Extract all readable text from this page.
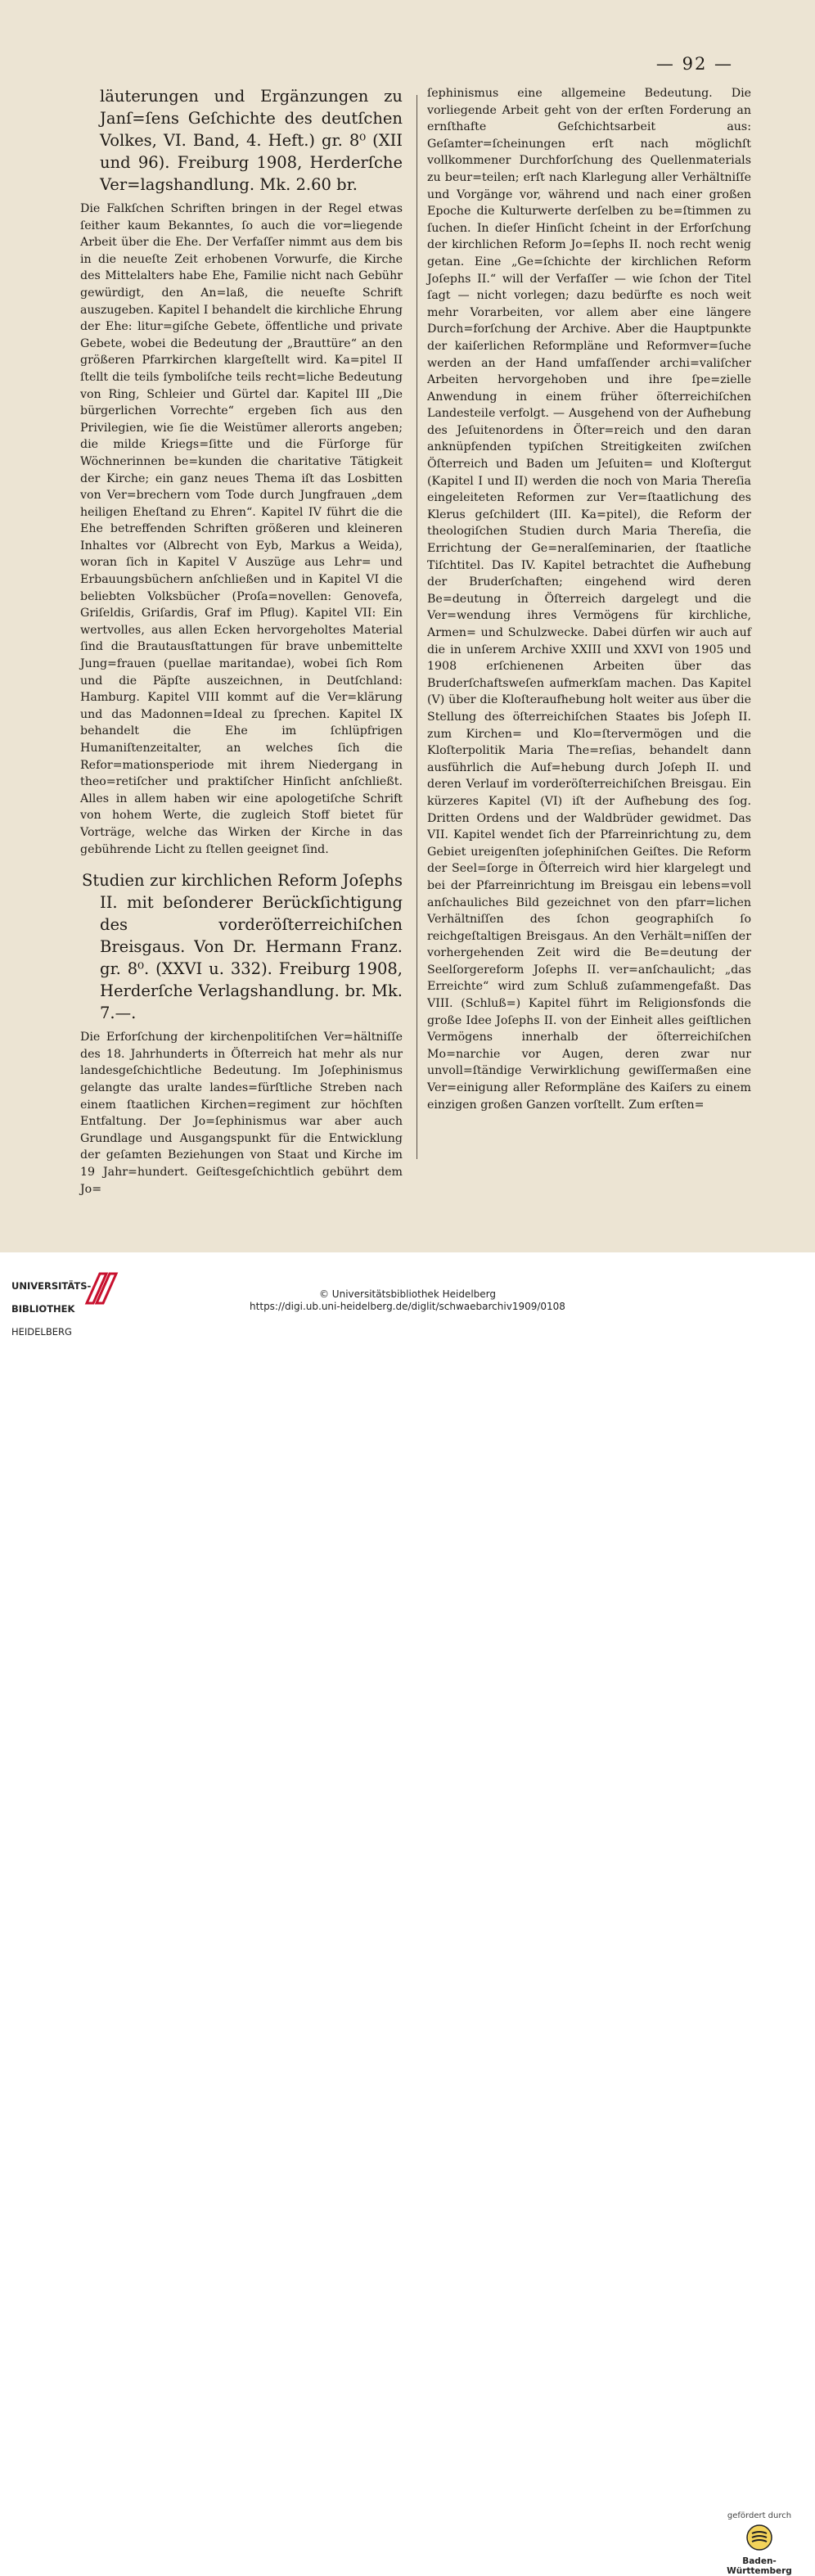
— 92 —
läuterungen und Ergänzungen zu Janſ=ſens Geſchichte des deutſchen Volkes, VI. Band, 4. Heft.) gr. 8⁰ (XII und 96). Freiburg 1908, Herderſche Ver=lagshandlung. Mk. 2.60 br.

Die Falkſchen Schriften bringen in der Regel etwas ſeither kaum Bekanntes, ſo auch die vor=liegende Arbeit über die Ehe. Der Verfaſſer nimmt aus dem bis in die neueſte Zeit erhobenen Vorwurfe, die Kirche des Mittelalters habe Ehe, Familie nicht nach Gebühr gewürdigt, den An=laß, die neueſte Schrift auszugeben. Kapitel I behandelt die kirchliche Ehrung der Ehe: litur=giſche Gebete, öffentliche und private Gebete, wobei die Bedeutung der „Brauttüre“ an den größeren Pfarrkirchen klargeſtellt wird. Ka=pitel II ſtellt die teils ſymboliſche teils recht=liche Bedeutung von Ring, Schleier und Gürtel dar. Kapitel III „Die bürgerlichen Vorrechte“ ergeben ſich aus den Privilegien, wie ſie die Weistümer allerorts angeben; die milde Kriegs=ſitte und die Fürſorge für Wöchnerinnen be=kunden die charitative Tätigkeit der Kirche; ein ganz neues Thema iſt das Losbitten von Ver=brechern vom Tode durch Jungfrauen „dem heiligen Eheſtand zu Ehren“. Kapitel IV führt die die Ehe betreffenden Schriften größeren und kleineren Inhaltes vor (Albrecht von Eyb, Markus a Weida), woran ſich in Kapitel V Auszüge aus Lehr= und Erbauungsbüchern anſchließen und in Kapitel VI die beliebten Volksbücher (Proſa=novellen: Genovefa, Griſeldis, Griſardis, Graf im Pflug). Kapitel VII: Ein wertvolles, aus allen Ecken hervorgeholtes Material ſind die Brautausſtattungen für brave unbemittelte Jung=frauen (puellae maritandae), wobei ſich Rom und die Päpſte auszeichnen, in Deutſchland: Hamburg. Kapitel VIII kommt auf die Ver=klärung und das Madonnen=Ideal zu ſprechen. Kapitel IX behandelt die Ehe im ſchlüpfrigen Humaniſtenzeitalter, an welches ſich die Refor=mationsperiode mit ihrem Niedergang in theo=retiſcher und praktiſcher Hinſicht anſchließt. Alles in allem haben wir eine apologetiſche Schrift von hohem Werte, die zugleich Stoff bietet für Vorträge, welche das Wirken der Kirche in das gebührende Licht zu ſtellen geeignet ſind.

Studien zur kirchlichen Reform Joſephs II. mit beſonderer Berückſichtigung des vorderöſterreichiſchen Breisgaus. Von Dr. Hermann Franz. gr. 8⁰. (XXVI u. 332). Freiburg 1908, Herderſche Verlagshandlung. br. Mk. 7.—.

Die Erforſchung der kirchenpolitiſchen Ver=hältniſſe des 18. Jahrhunderts in Öſterreich hat mehr als nur landesgeſchichtliche Bedeutung. Im Joſephinismus gelangte das uralte landes=fürſtliche Streben nach einem ſtaatlichen Kirchen=regiment zur höchſten Entfaltung. Der Jo=ſephinismus war aber auch Grundlage und Ausgangspunkt für die Entwicklung der geſamten Beziehungen von Staat und Kirche im 19 Jahr=hundert. Geiſtesgeſchichtlich gebührt dem Jo=

ſephinismus eine allgemeine Bedeutung. Die vorliegende Arbeit geht von der erſten Forderung an ernſthafte Geſchichtsarbeit aus: Geſamter=ſcheinungen erſt nach möglichſt vollkommener Durchforſchung des Quellenmaterials zu beur=teilen; erſt nach Klarlegung aller Verhältniſſe und Vorgänge vor, während und nach einer großen Epoche die Kulturwerte derſelben zu be=ſtimmen zu ſuchen. In dieſer Hinſicht ſcheint in der Erforſchung der kirchlichen Reform Jo=ſephs II. noch recht wenig getan. Eine „Ge=ſchichte der kirchlichen Reform Joſephs II.“ will der Verfaſſer — wie ſchon der Titel ſagt — nicht vorlegen; dazu bedürfte es noch weit mehr Vorarbeiten, vor allem aber eine längere Durch=forſchung der Archive. Aber die Hauptpunkte der kaiſerlichen Reformpläne und Reformver=ſuche werden an der Hand umfaſſender archi=valiſcher Arbeiten hervorgehoben und ihre ſpe=zielle Anwendung in einem früher öſterreichiſchen Landesteile verfolgt. — Ausgehend von der Aufhebung des Jeſuitenordens in Öſter=reich und den daran anknüpfenden typiſchen Streitigkeiten zwiſchen Öſterreich und Baden um Jeſuiten= und Kloſtergut (Kapitel I und II) werden die noch von Maria Thereſia eingeleiteten Reformen zur Ver=ſtaatlichung des Klerus geſchildert (III. Ka=pitel), die Reform der theologiſchen Studien durch Maria Thereſia, die Errichtung der Ge=neralſeminarien, der ſtaatliche Tiſchtitel. Das IV. Kapitel betrachtet die Aufhebung der Bruderſchaften; eingehend wird deren Be=deutung in Öſterreich dargelegt und die Ver=wendung ihres Vermögens für kirchliche, Armen= und Schulzwecke. Dabei dürfen wir auch auf die in unſerem Archive XXIII und XXVI von 1905 und 1908 erſchienenen Arbeiten über das Bruderſchaftsweſen aufmerkſam machen. Das Kapitel (V) über die Kloſteraufhebung holt weiter aus über die Stellung des öſterreichiſchen Staates bis Joſeph II. zum Kirchen= und Klo=ſtervermögen und die Kloſterpolitik Maria The=reſias, behandelt dann ausführlich die Auf=hebung durch Joſeph II. und deren Verlauf im vorderöſterreichiſchen Breisgau. Ein kürzeres Kapitel (VI) iſt der Aufhebung des ſog. Dritten Ordens und der Waldbrüder gewidmet. Das VII. Kapitel wendet ſich der Pfarreinrichtung zu, dem Gebiet ureigenſten joſephiniſchen Geiſtes. Die Reform der Seel=ſorge in Öſterreich wird hier klargelegt und bei der Pfarreinrichtung im Breisgau ein lebens=voll anſchauliches Bild gezeichnet von den pfarr=lichen Verhältniſſen des ſchon geographiſch ſo reichgeſtaltigen Breisgaus. An den Verhält=niſſen der vorhergehenden Zeit wird die Be=deutung der Seelſorgereform Joſephs II. ver=anſchaulicht; „das Erreichte“ wird zum Schluß zuſammengefaßt. Das VIII. (Schluß=) Kapitel führt im Religionsfonds die große Idee Joſephs II. von der Einheit alles geiſtlichen Vermögens innerhalb der öſterreichiſchen Mo=narchie vor Augen, deren zwar nur unvoll=ſtändige Verwirklichung gewiſſermaßen eine Ver=einigung aller Reformpläne des Kaiſers zu einem einzigen großen Ganzen vorſtellt. Zum erſten=

UNIVERSITÄTS-

BIBLIOTHEK

HEIDELBERG

gefördert durch
Baden-Württemberg
© Universitätsbibliothek Heidelberg
https://digi.ub.uni-heidelberg.de/diglit/schwaebarchiv1909/0108
